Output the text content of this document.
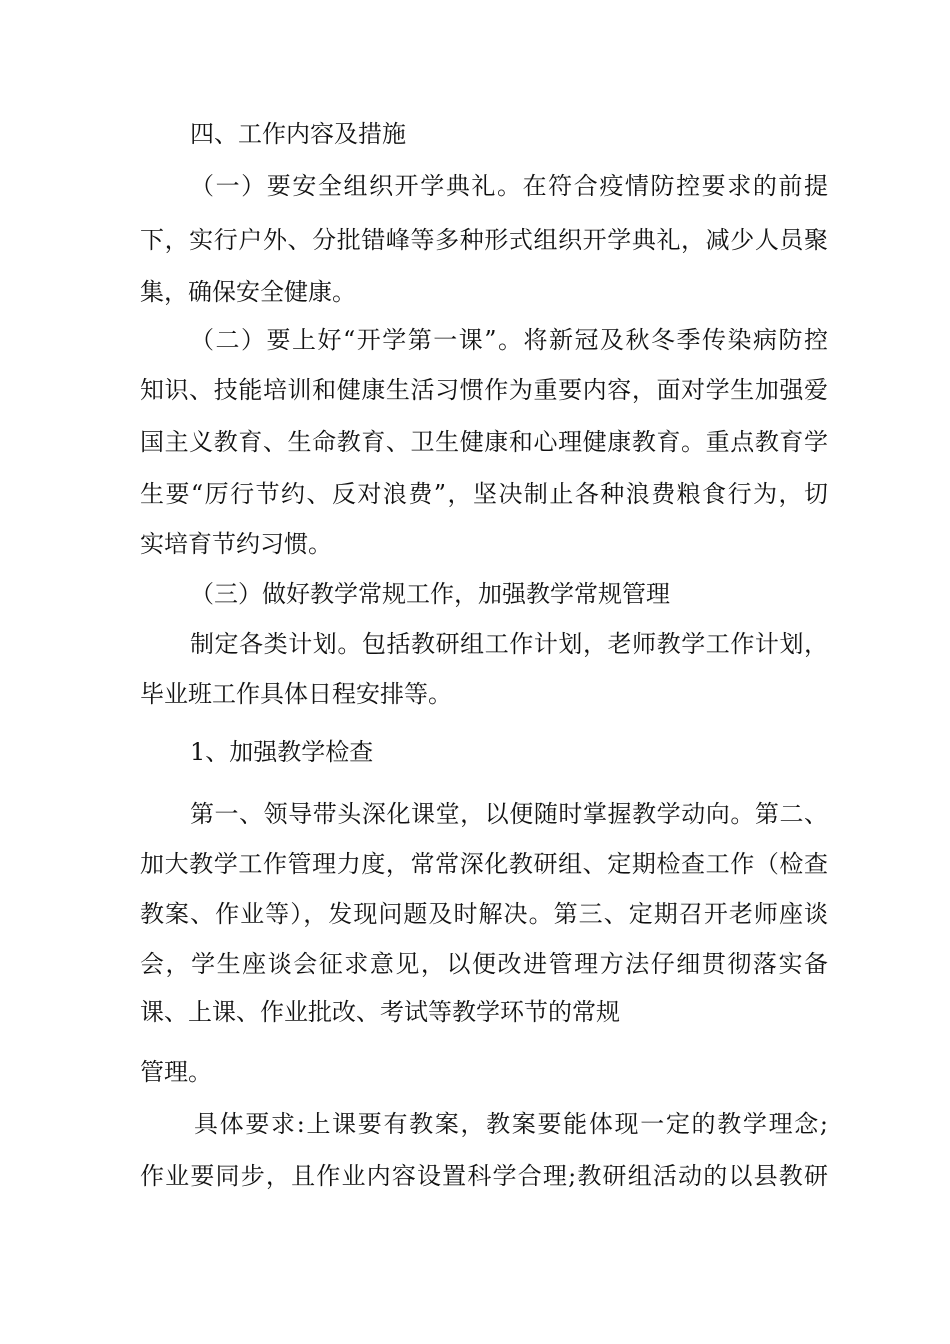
四、工作内容及措施
（一）要安全组织开学典礼。在符合疫情防控要求的前提
下，实行户外、分批错峰等多种形式组织开学典礼，减少人员聚
集，确保安全健康。
（二）要上好“开学第一课”。将新冠及秋冬季传染病防控
知识、技能培训和健康生活习惯作为重要内容，面对学生加强爱
国主义教育、生命教育、卫生健康和心理健康教育。重点教育学
生要“厉行节约、反对浪费”，坚决制止各种浪费粮食行为，切
实培育节约习惯。
（三）做好教学常规工作，加强教学常规管理
制定各类计划。包括教研组工作计划，老师教学工作计划，
毕业班工作具体日程安排等。
1、加强教学检查
第一、领导带头深化课堂，以便随时掌握教学动向。第二、
加大教学工作管理力度，常常深化教研组、定期检查工作（检查
教案、作业等），发现问题及时解决。第三、定期召开老师座谈
会，学生座谈会征求意见，以便改进管理方法仔细贯彻落实备
课、上课、作业批改、考试等教学环节的常规
管理。
具体要求:上课要有教案，教案要能体现一定的教学理念;
作业要同步，且作业内容设置科学合理;教研组活动的以县教研
